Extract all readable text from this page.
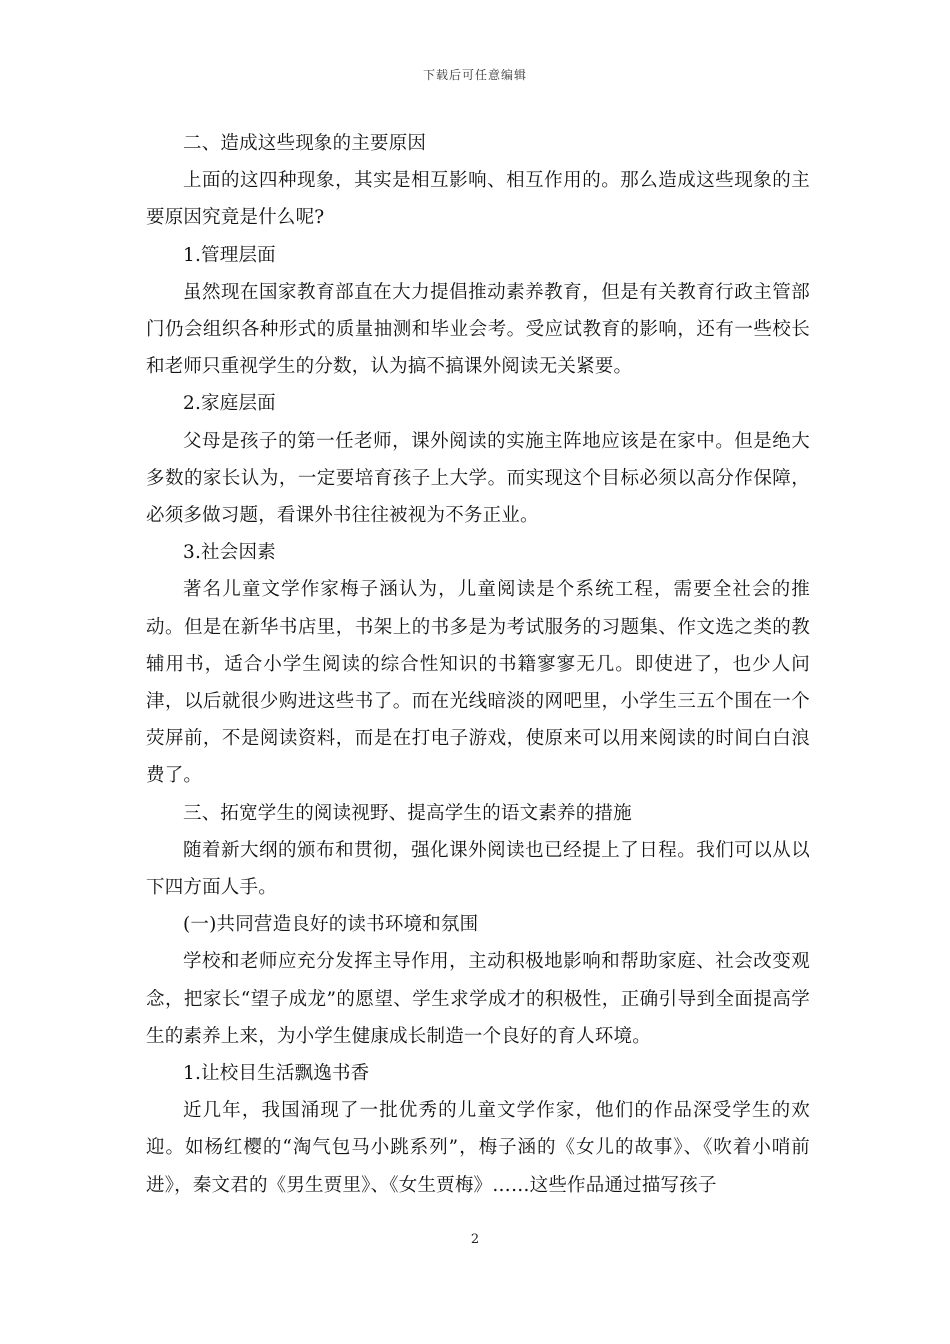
下载后可任意编辑

二、造成这些现象的主要原因

上面的这四种现象，其实是相互影响、相互作用的。那么造成这些现象的主要原因究竟是什么呢?

1.管理层面

虽然现在国家教育部直在大力提倡推动素养教育，但是有关教育行政主管部门仍会组织各种形式的质量抽测和毕业会考。受应试教育的影响，还有一些校长和老师只重视学生的分数，认为搞不搞课外阅读无关紧要。

2.家庭层面

父母是孩子的第一任老师，课外阅读的实施主阵地应该是在家中。但是绝大多数的家长认为，一定要培育孩子上大学。而实现这个目标必须以高分作保障，必须多做习题，看课外书往往被视为不务正业。

3.社会因素

著名儿童文学作家梅子涵认为，儿童阅读是个系统工程，需要全社会的推动。但是在新华书店里，书架上的书多是为考试服务的习题集、作文选之类的教辅用书，适合小学生阅读的综合性知识的书籍寥寥无几。即使进了，也少人问津，以后就很少购进这些书了。而在光线暗淡的网吧里，小学生三五个围在一个荧屏前，不是阅读资料，而是在打电子游戏，使原来可以用来阅读的时间白白浪费了。

三、拓宽学生的阅读视野、提高学生的语文素养的措施

随着新大纲的颁布和贯彻，强化课外阅读也已经提上了日程。我们可以从以下四方面人手。

(一)共同营造良好的读书环境和氛围

学校和老师应充分发挥主导作用，主动积极地影响和帮助家庭、社会改变观念，把家长“望子成龙”的愿望、学生求学成才的积极性，正确引导到全面提高学生的素养上来，为小学生健康成长制造一个良好的育人环境。

1.让校目生活飘逸书香

近几年，我国涌现了一批优秀的儿童文学作家，他们的作品深受学生的欢迎。如杨红樱的“淘气包马小跳系列”，梅子涵的《女儿的故事》、《吹着小哨前进》，秦文君的《男生贾里》、《女生贾梅》……这些作品通过描写孩子

2
